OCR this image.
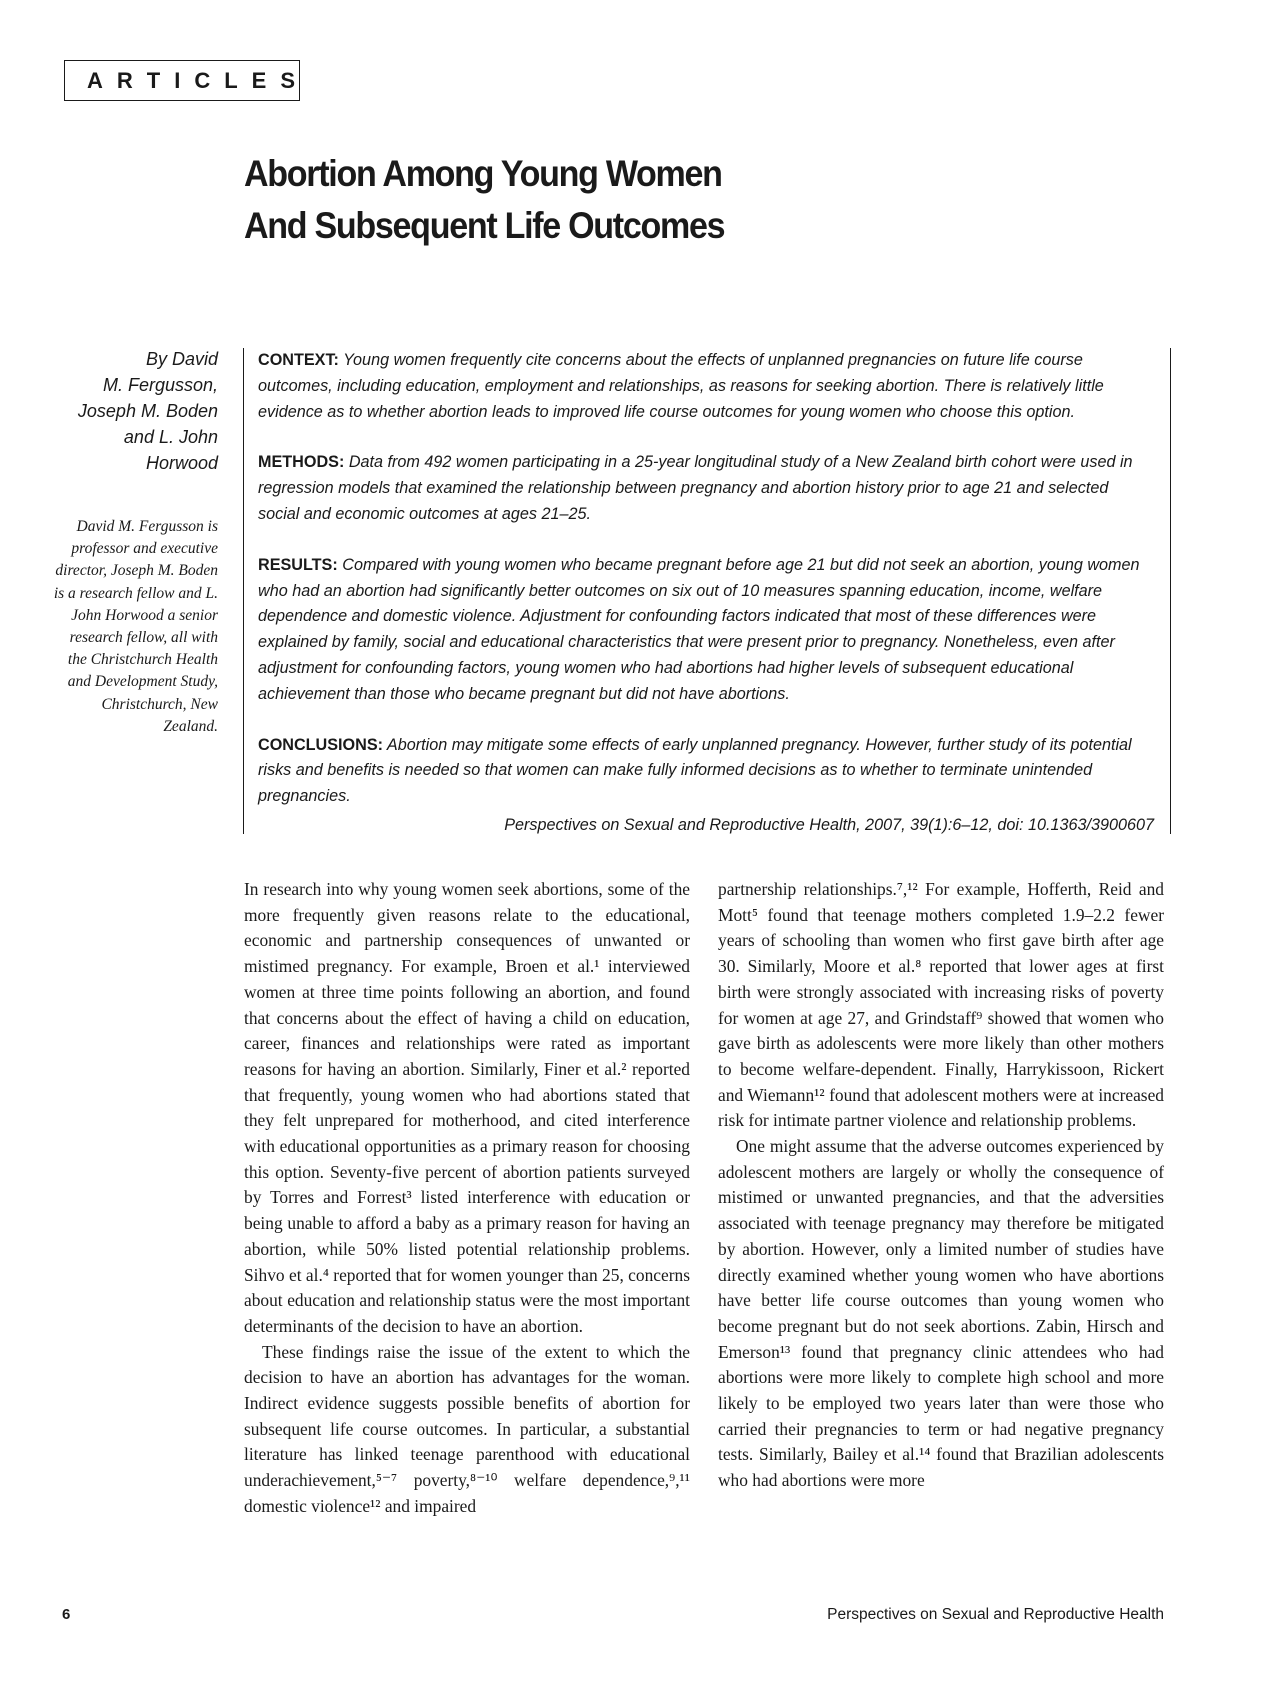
ARTICLES
Abortion Among Young Women
And Subsequent Life Outcomes
By David
M. Fergusson,
Joseph M. Boden
and L. John
Horwood
David M. Fergusson is professor and executive director, Joseph M. Boden is a research fellow and L. John Horwood a senior research fellow, all with the Christchurch Health and Development Study, Christchurch, New Zealand.

CONTEXT: Young women frequently cite concerns about the effects of unplanned pregnancies on future life course outcomes, including education, employment and relationships, as reasons for seeking abortion. There is relatively little evidence as to whether abortion leads to improved life course outcomes for young women who choose this option.

METHODS: Data from 492 women participating in a 25-year longitudinal study of a New Zealand birth cohort were used in regression models that examined the relationship between pregnancy and abortion history prior to age 21 and selected social and economic outcomes at ages 21–25.

RESULTS: Compared with young women who became pregnant before age 21 but did not seek an abortion, young women who had an abortion had significantly better outcomes on six out of 10 measures spanning education, income, welfare dependence and domestic violence. Adjustment for confounding factors indicated that most of these differences were explained by family, social and educational characteristics that were present prior to pregnancy. Nonetheless, even after adjustment for confounding factors, young women who had abortions had higher levels of subsequent educational achievement than those who became pregnant but did not have abortions.

CONCLUSIONS: Abortion may mitigate some effects of early unplanned pregnancy. However, further study of its potential risks and benefits is needed so that women can make fully informed decisions as to whether to terminate unintended pregnancies.

Perspectives on Sexual and Reproductive Health, 2007, 39(1):6–12, doi: 10.1363/3900607

In research into why young women seek abortions, some of the more frequently given reasons relate to the educational, economic and partnership consequences of unwanted or mistimed pregnancy. For example, Broen et al.¹ interviewed women at three time points following an abortion, and found that concerns about the effect of having a child on education, career, finances and relationships were rated as important reasons for having an abortion. Similarly, Finer et al.² reported that frequently, young women who had abortions stated that they felt unprepared for motherhood, and cited interference with educational opportunities as a primary reason for choosing this option. Seventy-five percent of abortion patients surveyed by Torres and Forrest³ listed interference with education or being unable to afford a baby as a primary reason for having an abortion, while 50% listed potential relationship problems. Sihvo et al.⁴ reported that for women younger than 25, concerns about education and relationship status were the most important determinants of the decision to have an abortion.

These findings raise the issue of the extent to which the decision to have an abortion has advantages for the woman. Indirect evidence suggests possible benefits of abortion for subsequent life course outcomes. In particular, a substantial literature has linked teenage parenthood with educational underachievement,⁵⁻⁷ poverty,⁸⁻¹⁰ welfare dependence,⁹,¹¹ domestic violence¹² and impaired

partnership relationships.⁷,¹² For example, Hofferth, Reid and Mott⁵ found that teenage mothers completed 1.9–2.2 fewer years of schooling than women who first gave birth after age 30. Similarly, Moore et al.⁸ reported that lower ages at first birth were strongly associated with increasing risks of poverty for women at age 27, and Grindstaff⁹ showed that women who gave birth as adolescents were more likely than other mothers to become welfare-dependent. Finally, Harrykissoon, Rickert and Wiemann¹² found that adolescent mothers were at increased risk for intimate partner violence and relationship problems.

One might assume that the adverse outcomes experienced by adolescent mothers are largely or wholly the consequence of mistimed or unwanted pregnancies, and that the adversities associated with teenage pregnancy may therefore be mitigated by abortion. However, only a limited number of studies have directly examined whether young women who have abortions have better life course outcomes than young women who become pregnant but do not seek abortions. Zabin, Hirsch and Emerson¹³ found that pregnancy clinic attendees who had abortions were more likely to complete high school and more likely to be employed two years later than were those who carried their pregnancies to term or had negative pregnancy tests. Similarly, Bailey et al.¹⁴ found that Brazilian adolescents who had abortions were more

6	Perspectives on Sexual and Reproductive Health
